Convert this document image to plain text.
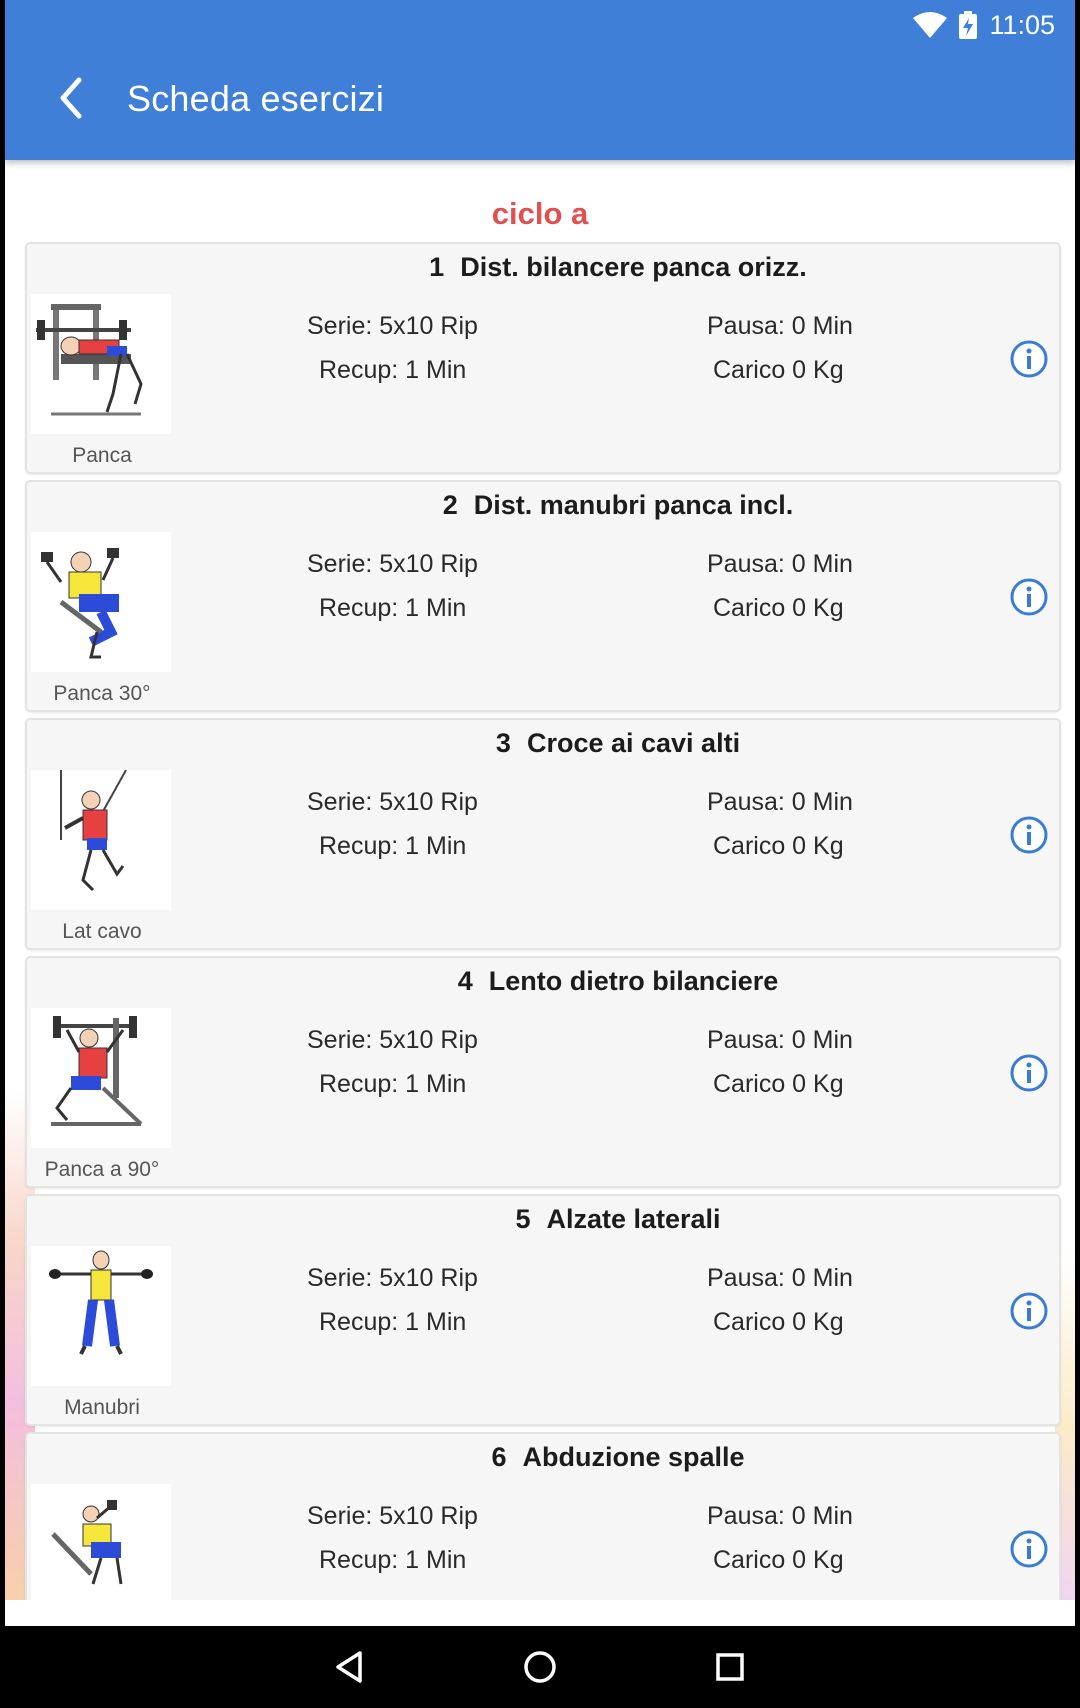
11:05
Scheda esercizi
ciclo a
Panca
1 Dist. bilancere panca orizz.
Serie: 5x10 Rip
Recup: 1 Min
Pausa: 0 Min
Carico 0 Kg
Panca 30°
2 Dist. manubri panca incl.
Serie: 5x10 Rip
Recup: 1 Min
Pausa: 0 Min
Carico 0 Kg
Lat cavo
3 Croce ai cavi alti
Serie: 5x10 Rip
Recup: 1 Min
Pausa: 0 Min
Carico 0 Kg
Panca a 90°
4 Lento dietro bilanciere
Serie: 5x10 Rip
Recup: 1 Min
Pausa: 0 Min
Carico 0 Kg
Manubri
5 Alzate laterali
Serie: 5x10 Rip
Recup: 1 Min
Pausa: 0 Min
Carico 0 Kg
6 Abduzione spalle
Serie: 5x10 Rip
Recup: 1 Min
Pausa: 0 Min
Carico 0 Kg
